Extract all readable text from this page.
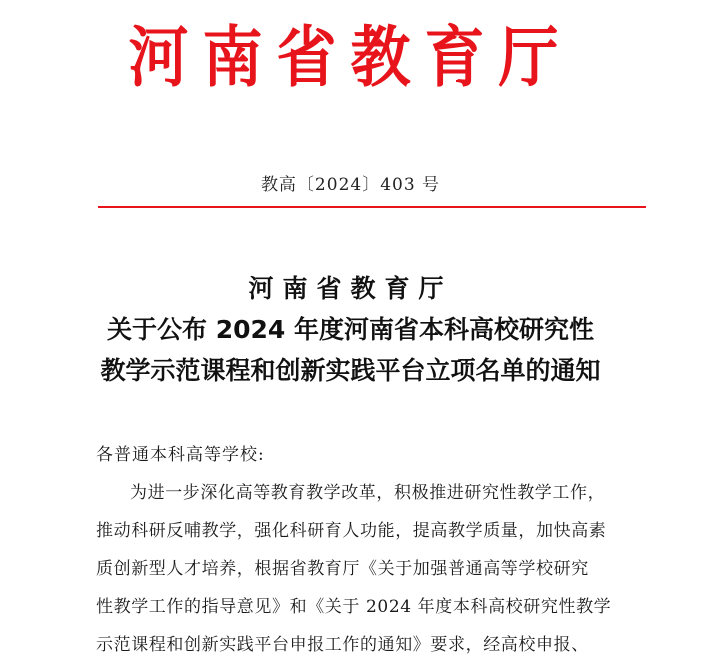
河南省教育厅
教高〔2024〕403 号
河南省教育厅
关于公布 2024 年度河南省本科高校研究性
教学示范课程和创新实践平台立项名单的通知
各普通本科高等学校:
为进一步深化高等教育教学改革，积极推进研究性教学工作，
推动科研反哺教学，强化科研育人功能，提高教学质量，加快高素
质创新型人才培养，根据省教育厅《关于加强普通高等学校研究
性教学工作的指导意见》和《关于 2024 年度本科高校研究性教学
示范课程和创新实践平台申报工作的通知》要求，经高校申报、
